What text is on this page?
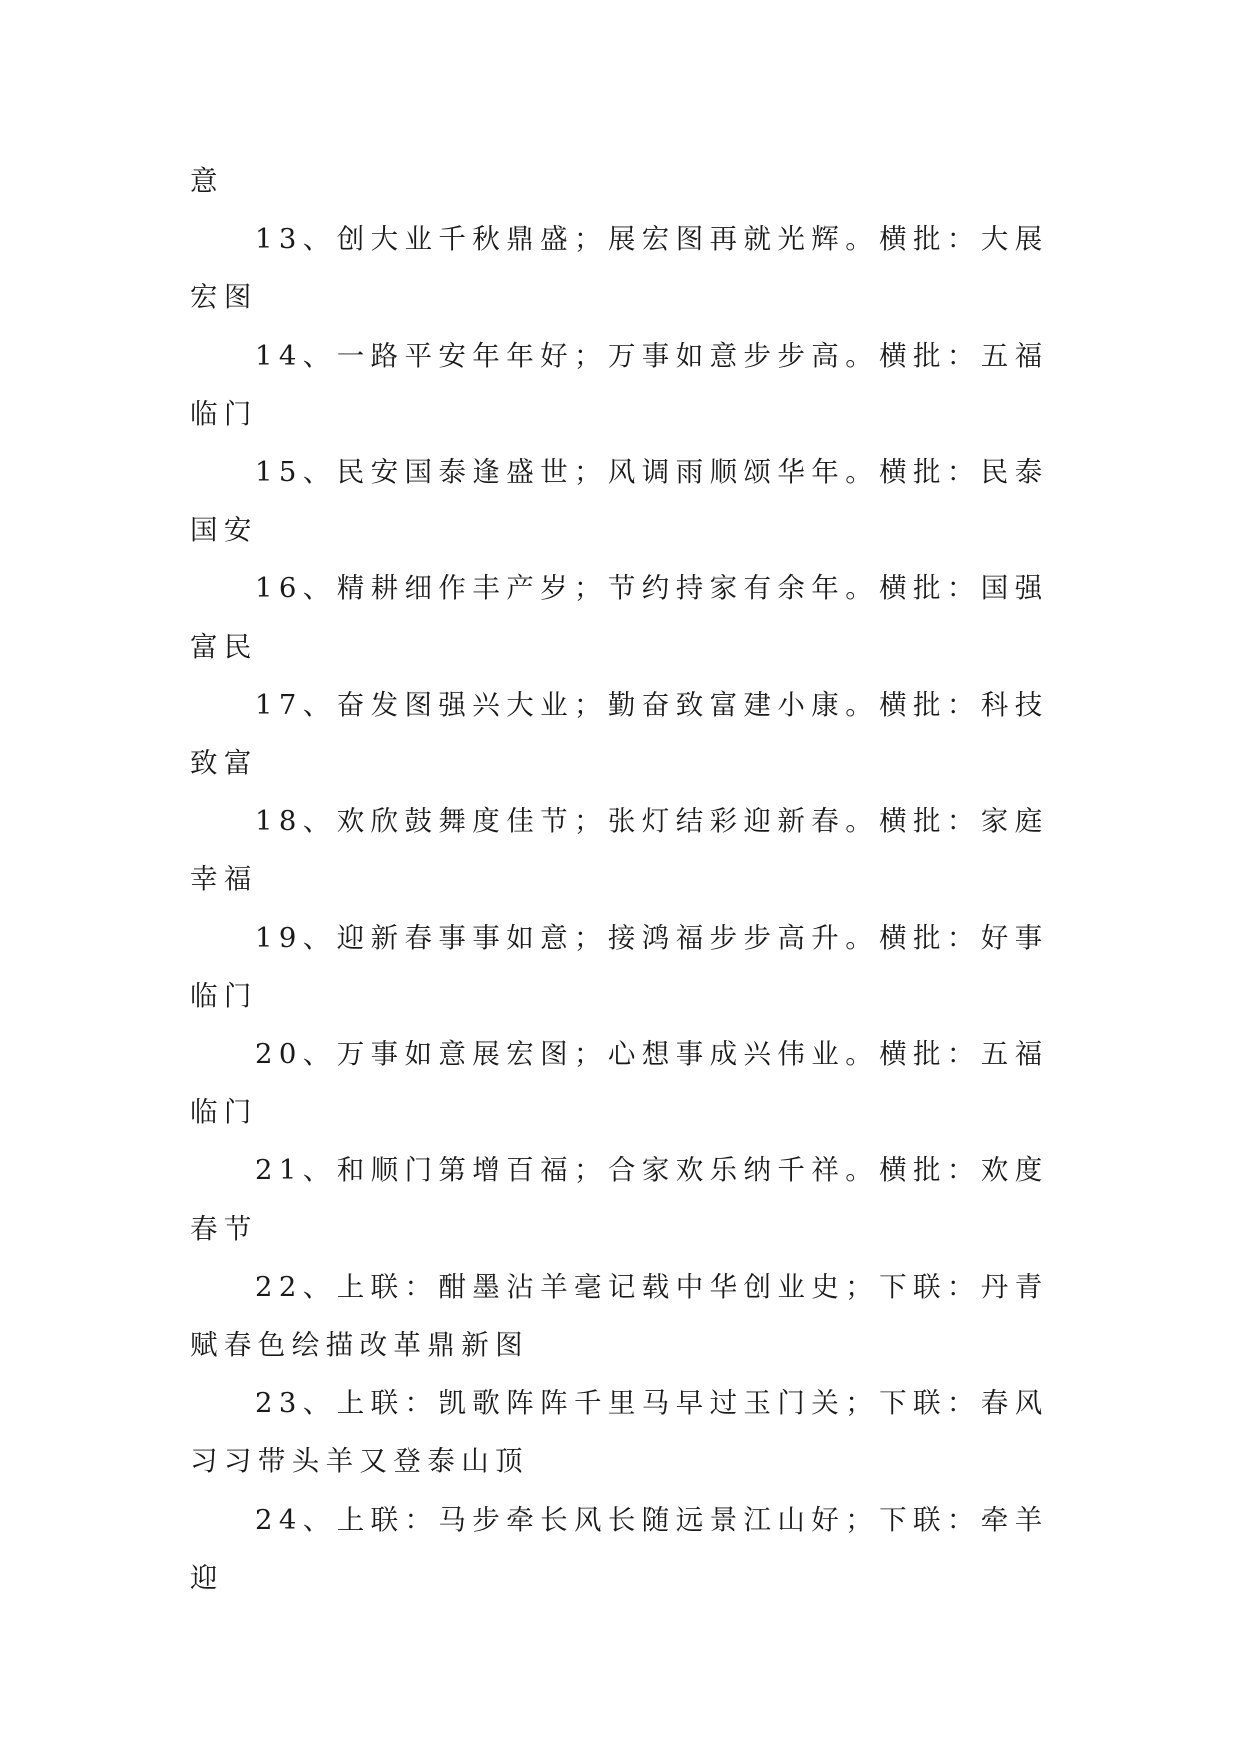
意

13、创大业千秋鼎盛；展宏图再就光辉。横批：大展宏图

14、一路平安年年好；万事如意步步高。横批：五福临门

15、民安国泰逢盛世；风调雨顺颂华年。横批：民泰国安

16、精耕细作丰产岁；节约持家有余年。横批：国强富民

17、奋发图强兴大业；勤奋致富建小康。横批：科技致富

18、欢欣鼓舞度佳节；张灯结彩迎新春。横批：家庭幸福

19、迎新春事事如意；接鸿福步步高升。横批：好事临门

20、万事如意展宏图；心想事成兴伟业。横批：五福临门

21、和顺门第增百福；合家欢乐纳千祥。横批：欢度春节

22、上联：酣墨沾羊毫记载中华创业史；下联：丹青赋春色绘描改革鼎新图

23、上联：凯歌阵阵千里马早过玉门关；下联：春风习习带头羊又登泰山顶

24、上联：马步牵长风长随远景江山好；下联：牵羊迎
